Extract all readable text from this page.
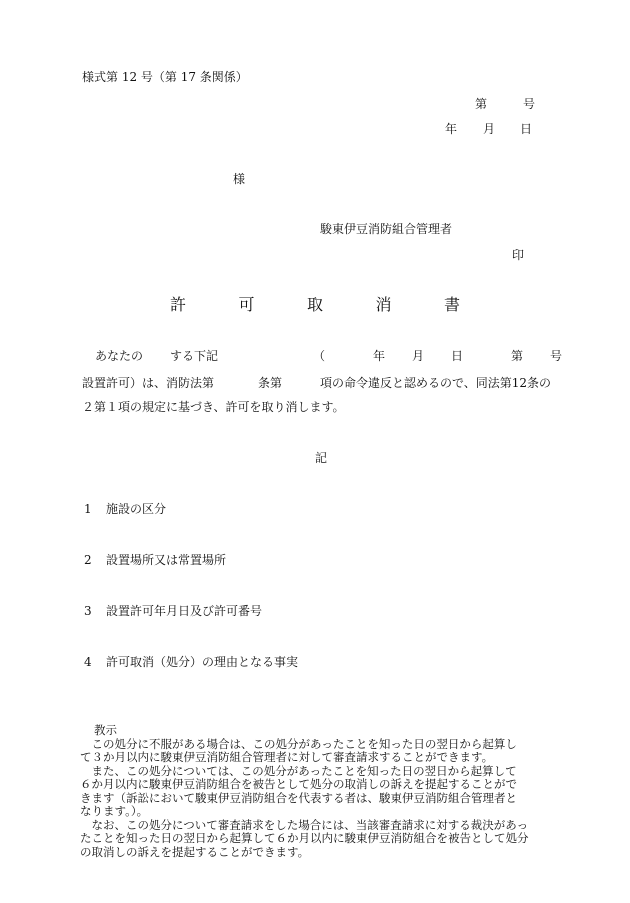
様式第 12 号（第 17 条関係）
第	号
年 月 日
様
駿東伊豆消防組合管理者
印
許	可	取	消	書
あなたの する下記	（	年 月 日	第 号
設置許可）は、消防法第	条第	項の命令違反と認めるので、同法第12条の
２第１項の規定に基づき、許可を取り消します。
記
1 施設の区分
2 設置場所又は常置場所
3 設置許可年月日及び許可番号
4 許可取消（処分）の理由となる事実

教示

　この処分に不服がある場合は、この処分があったことを知った日の翌日から起算し

て３か月以内に駿東伊豆消防組合管理者に対して審査請求することができます。

　また、この処分については、この処分があったことを知った日の翌日から起算して

６か月以内に駿東伊豆消防組合を被告として処分の取消しの訴えを提起することがで

きます（訴訟において駿東伊豆消防組合を代表する者は、駿東伊豆消防組合管理者と

なります。）。

　なお、この処分について審査請求をした場合には、当該審査請求に対する裁決があっ

たことを知った日の翌日から起算して６か月以内に駿東伊豆消防組合を被告として処分

の取消しの訴えを提起することができます。
